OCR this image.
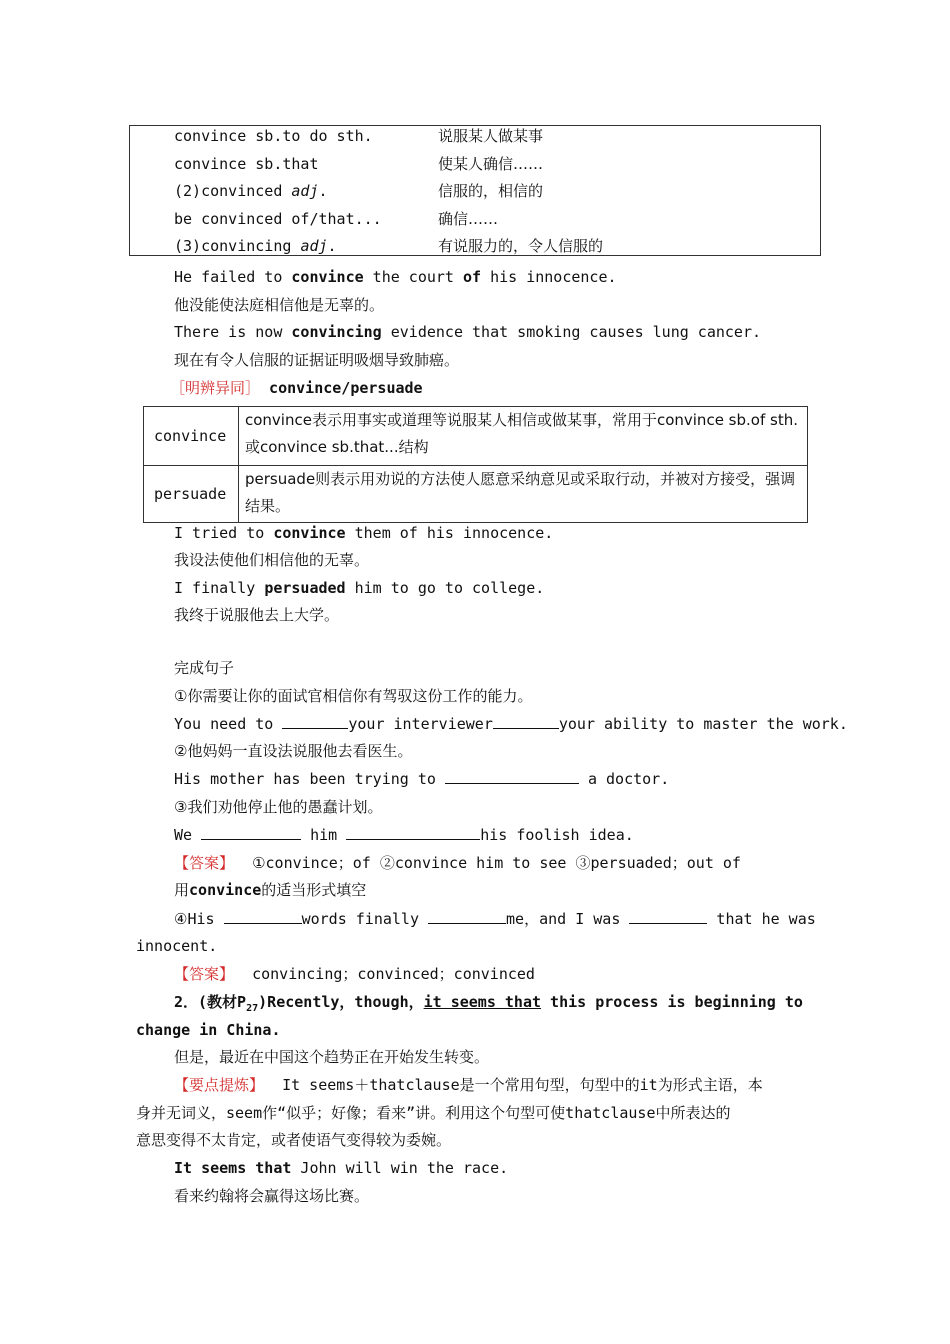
convince sb.to do sth.	说服某人做某事
convince sb.that	使某人确信……
(2)convinced adj.	信服的，相信的
be convinced of/that...	确信……
(3)convincing adj.	有说服力的，令人信服的
He failed to convince the court of his innocence.
他没能使法庭相信他是无辜的。
There is now convincing evidence that smoking causes lung cancer.
现在有令人信服的证据证明吸烟导致肺癌。
［明辨异同］ convince/persuade
convince	convince表示用事实或道理等说服某人相信或做某事，常用于convince sb.of sth.或convince sb.that...结构
persuade	persuade则表示用劝说的方法使人愿意采纳意见或采取行动，并被对方接受，强调结果。
I tried to convince them of his innocence.
我设法使他们相信他的无辜。
I finally persuaded him to go to college.
我终于说服他去上大学。
完成句子
①你需要让你的面试官相信你有驾驭这份工作的能力。
You need to	your interviewer	your ability to master the work.
②他妈妈一直设法说服他去看医生。
His mother has been trying to	a doctor.
③我们劝他停止他的愚蠢计划。
We	him	his foolish idea.
【答案】 ①convince；of ②convince him to see ③persuaded；out of
用convince的适当形式填空
④His	words finally	me，and I was	that he was
innocent.
【答案】 convincing；convinced；convinced
2．(教材$P_{27})Recently$，though，it seems that this process is beginning to
change in China.
但是，最近在中国这个趋势正在开始发生转变。
【要点提炼】 It seems＋thatclause是一个常用句型，句型中的it为形式主语，本
身并无词义，seem作“似乎；好像；看来”讲。利用这个句型可使thatclause中所表达的
意思变得不太肯定，或者使语气变得较为委婉。
It seems that John will win the race.
看来约翰将会赢得这场比赛。
